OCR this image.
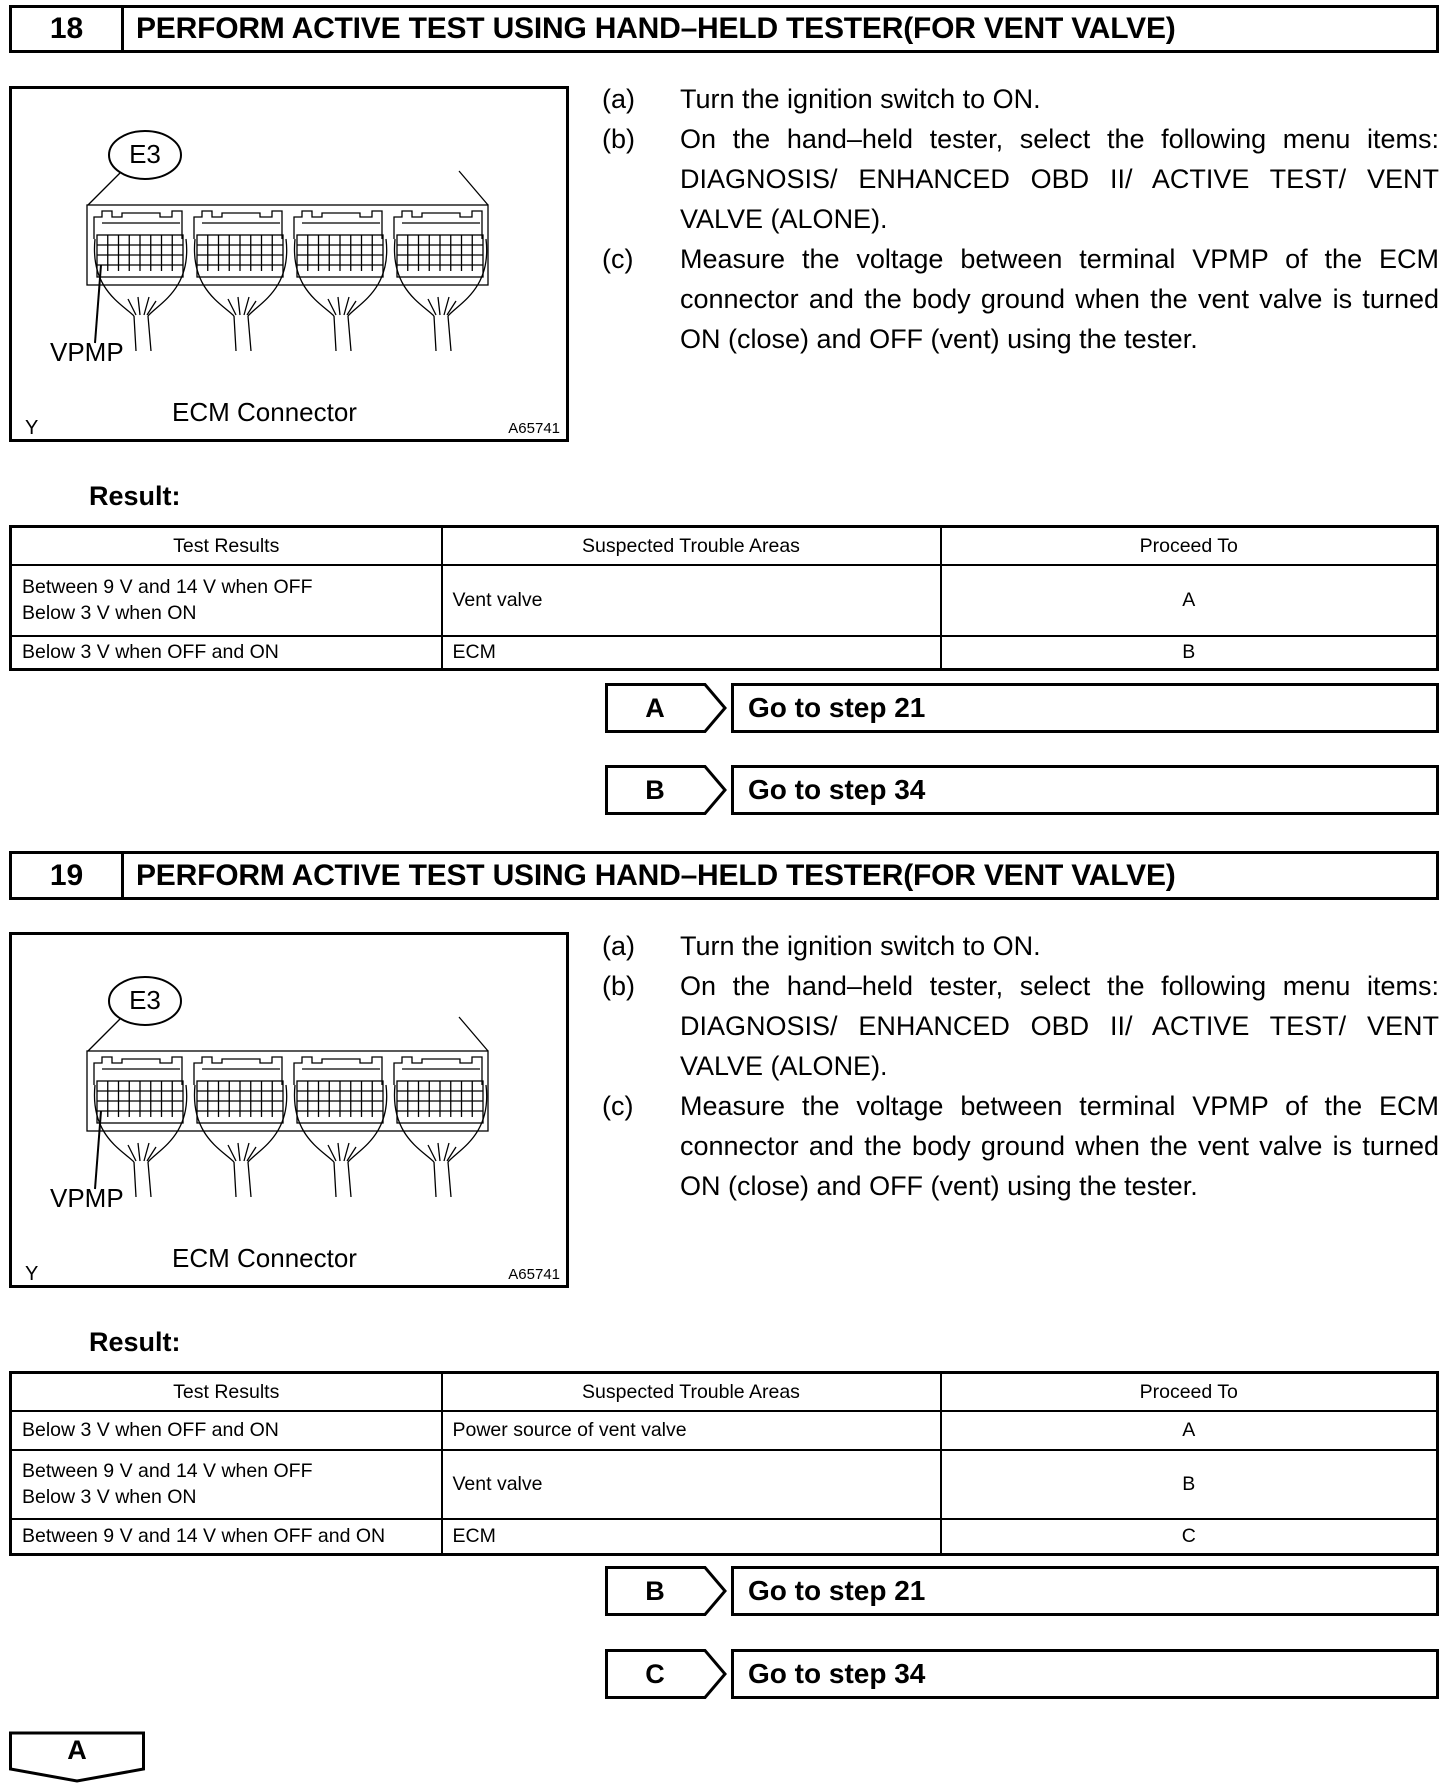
18	PERFORM ACTIVE TEST USING HAND–HELD TESTER(FOR VENT VALVE)
E3
VPMP
ECM Connector
Y	A65741
(a)	Turn the ignition switch to ON.
(b)	On the hand–held tester, select the following menu items: DIAGNOSIS/ ENHANCED OBD II/ ACTIVE TEST/ VENT VALVE (ALONE).
(c)	Measure the voltage between terminal VPMP of the ECM connector and the body ground when the vent valve is turned ON (close) and OFF (vent) using the tester.
Result:
Test Results	Suspected Trouble Areas	Proceed To

Between 9 V and 14 V when OFF
Below 3 V when ON	Vent valve	A
Below 3 V when OFF and ON	ECM	B
A	Go to step 21
B	Go to step 34
19	PERFORM ACTIVE TEST USING HAND–HELD TESTER(FOR VENT VALVE)
E3
VPMP
ECM Connector
Y	A65741
(a)	Turn the ignition switch to ON.
(b)	On the hand–held tester, select the following menu items: DIAGNOSIS/ ENHANCED OBD II/ ACTIVE TEST/ VENT VALVE (ALONE).
(c)	Measure the voltage between terminal VPMP of the ECM connector and the body ground when the vent valve is turned ON (close) and OFF (vent) using the tester.
Result:
Test Results	Suspected Trouble Areas	Proceed To
Below 3 V when OFF and ON	Power source of vent valve	A

Between 9 V and 14 V when OFF
Below 3 V when ON	Vent valve	B
Between 9 V and 14 V when OFF and ON	ECM	C
B	Go to step 21
C	Go to step 34
A
